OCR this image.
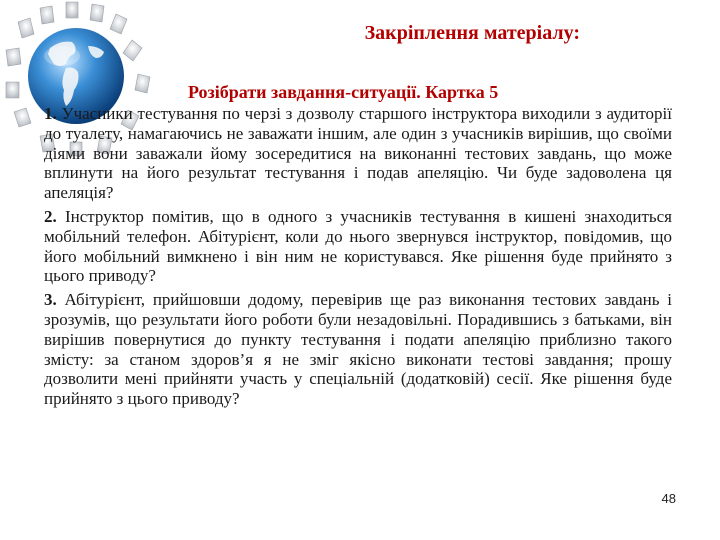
Закріплення матеріалу:
Розібрати завдання-ситуації. Картка 5

1. Учасники тестування по черзі з дозволу старшого інструктора виходили з аудиторії до туалету, намагаючись не заважати іншим, але один з учасників вирішив, що своїми діями вони заважали йому зосередитися на виконанні тестових завдань, що може вплинути на його результат тестування і подав апеляцію. Чи буде задоволена ця апеляція?

2. Інструктор помітив, що в одного з учасників тестування в кишені знаходиться мобільний телефон. Абітурієнт, коли до нього звернувся інструктор, повідомив, що його мобільний вимкнено і він ним не користувався. Яке рішення буде прийнято з цього приводу?

3. Абітурієнт, прийшовши додому, перевірив ще раз виконання тестових завдань і зрозумів, що результати його роботи були незадовільні. Порадившись з батьками, він вирішив повернутися до пункту тестування і подати апеляцію приблизно такого змісту: за станом здоров’я я не зміг якісно виконати тестові завдання; прошу дозволити мені прийняти участь у спеціальній (додатковій) сесії. Яке рішення буде прийнято з цього приводу?

48
